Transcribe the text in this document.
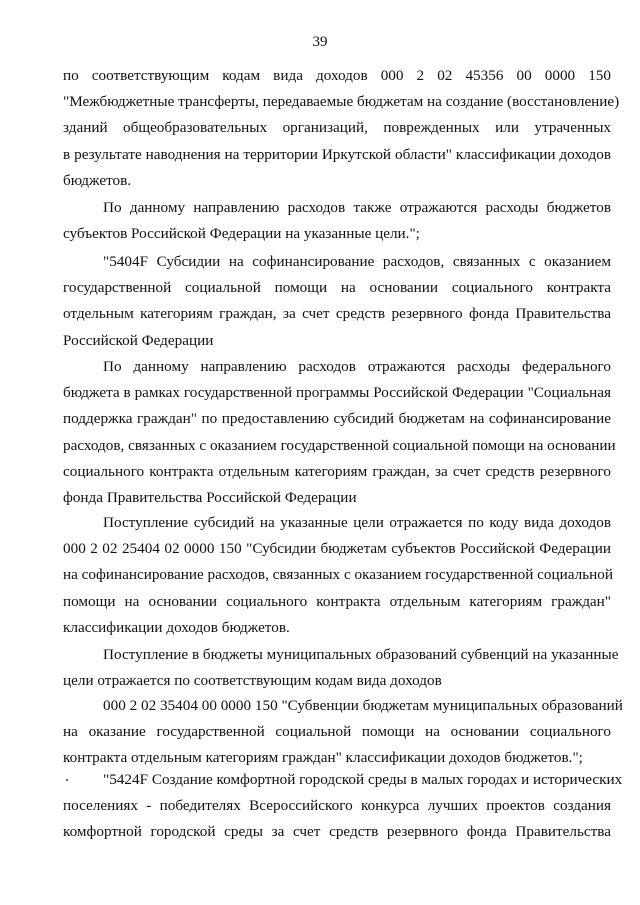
39
по соответствующим кодам вида доходов 000 2 02 45356 00 0000 150
"Межбюджетные трансферты, передаваемые бюджетам на создание (восстановление)
зданий общеобразовательных организаций, поврежденных или утраченных
в результате наводнения на территории Иркутской области" классификации доходов
бюджетов.
По данному направлению расходов также отражаются расходы бюджетов
субъектов Российской Федерации на указанные цели.";
"5404F Субсидии на софинансирование расходов, связанных с оказанием
государственной социальной помощи на основании социального контракта
отдельным категориям граждан, за счет средств резервного фонда Правительства
Российской Федерации
По данному направлению расходов отражаются расходы федерального
бюджета в рамках государственной программы Российской Федерации "Социальная
поддержка граждан" по предоставлению субсидий бюджетам на софинансирование
расходов, связанных с оказанием государственной социальной помощи на основании
социального контракта отдельным категориям граждан, за счет средств резервного
фонда Правительства Российской Федерации
Поступление субсидий на указанные цели отражается по коду вида доходов
000 2 02 25404 02 0000 150 "Субсидии бюджетам субъектов Российской Федерации
на софинансирование расходов, связанных с оказанием государственной социальной
помощи на основании социального контракта отдельным категориям граждан"
классификации доходов бюджетов.
Поступление в бюджеты муниципальных образований субвенций на указанные
цели отражается по соответствующим кодам вида доходов
000 2 02 35404 00 0000 150 "Субвенции бюджетам муниципальных образований
на оказание государственной социальной помощи на основании социального
контракта отдельным категориям граждан" классификации доходов бюджетов.";
"5424F Создание комфортной городской среды в малых городах и исторических
поселениях - победителях Всероссийского конкурса лучших проектов создания
комфортной городской среды за счет средств резервного фонда Правительства
